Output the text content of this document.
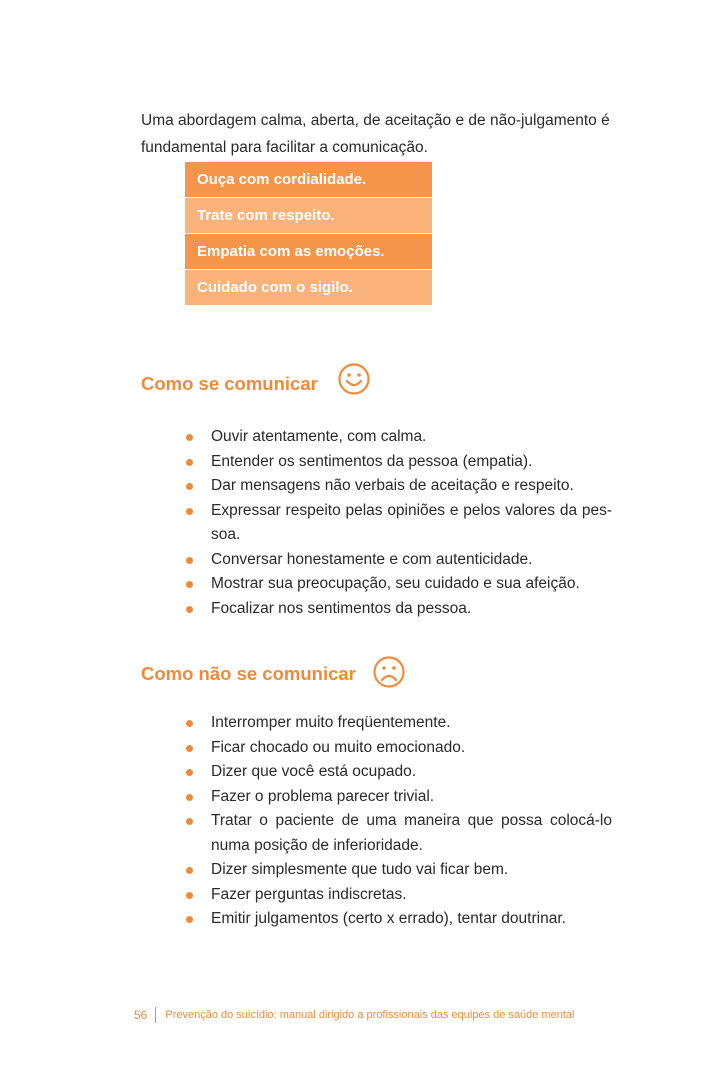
Uma abordagem calma, aberta, de aceitação e de não-julgamento é fundamental para facilitar a comunicação.

Ouça com cordialidade.
Trate com respeito.
Empatia com as emoções.
Cuidado com o sigilo.
Como se comunicar
Ouvir atentamente, com calma.
Entender os sentimentos da pessoa (empatia).
Dar mensagens não verbais de aceitação e respeito.
Expressar respeito pelas opiniões e pelos valores da pes-soa.
Conversar honestamente e com autenticidade.
Mostrar sua preocupação, seu cuidado e sua afeição.
Focalizar nos sentimentos da pessoa.
Como não se comunicar
Interromper muito freqüentemente.
Ficar chocado ou muito emocionado.
Dizer que você está ocupado.
Fazer o problema parecer trivial.
Tratar o paciente de uma maneira que possa colocá-lo numa posição de inferioridade.
Dizer simplesmente que tudo vai ficar bem.
Fazer perguntas indiscretas.
Emitir julgamentos (certo x errado), tentar doutrinar.
56 Prevenção do suicídio: manual dirigido a profissionais das equipes de saúde mental
